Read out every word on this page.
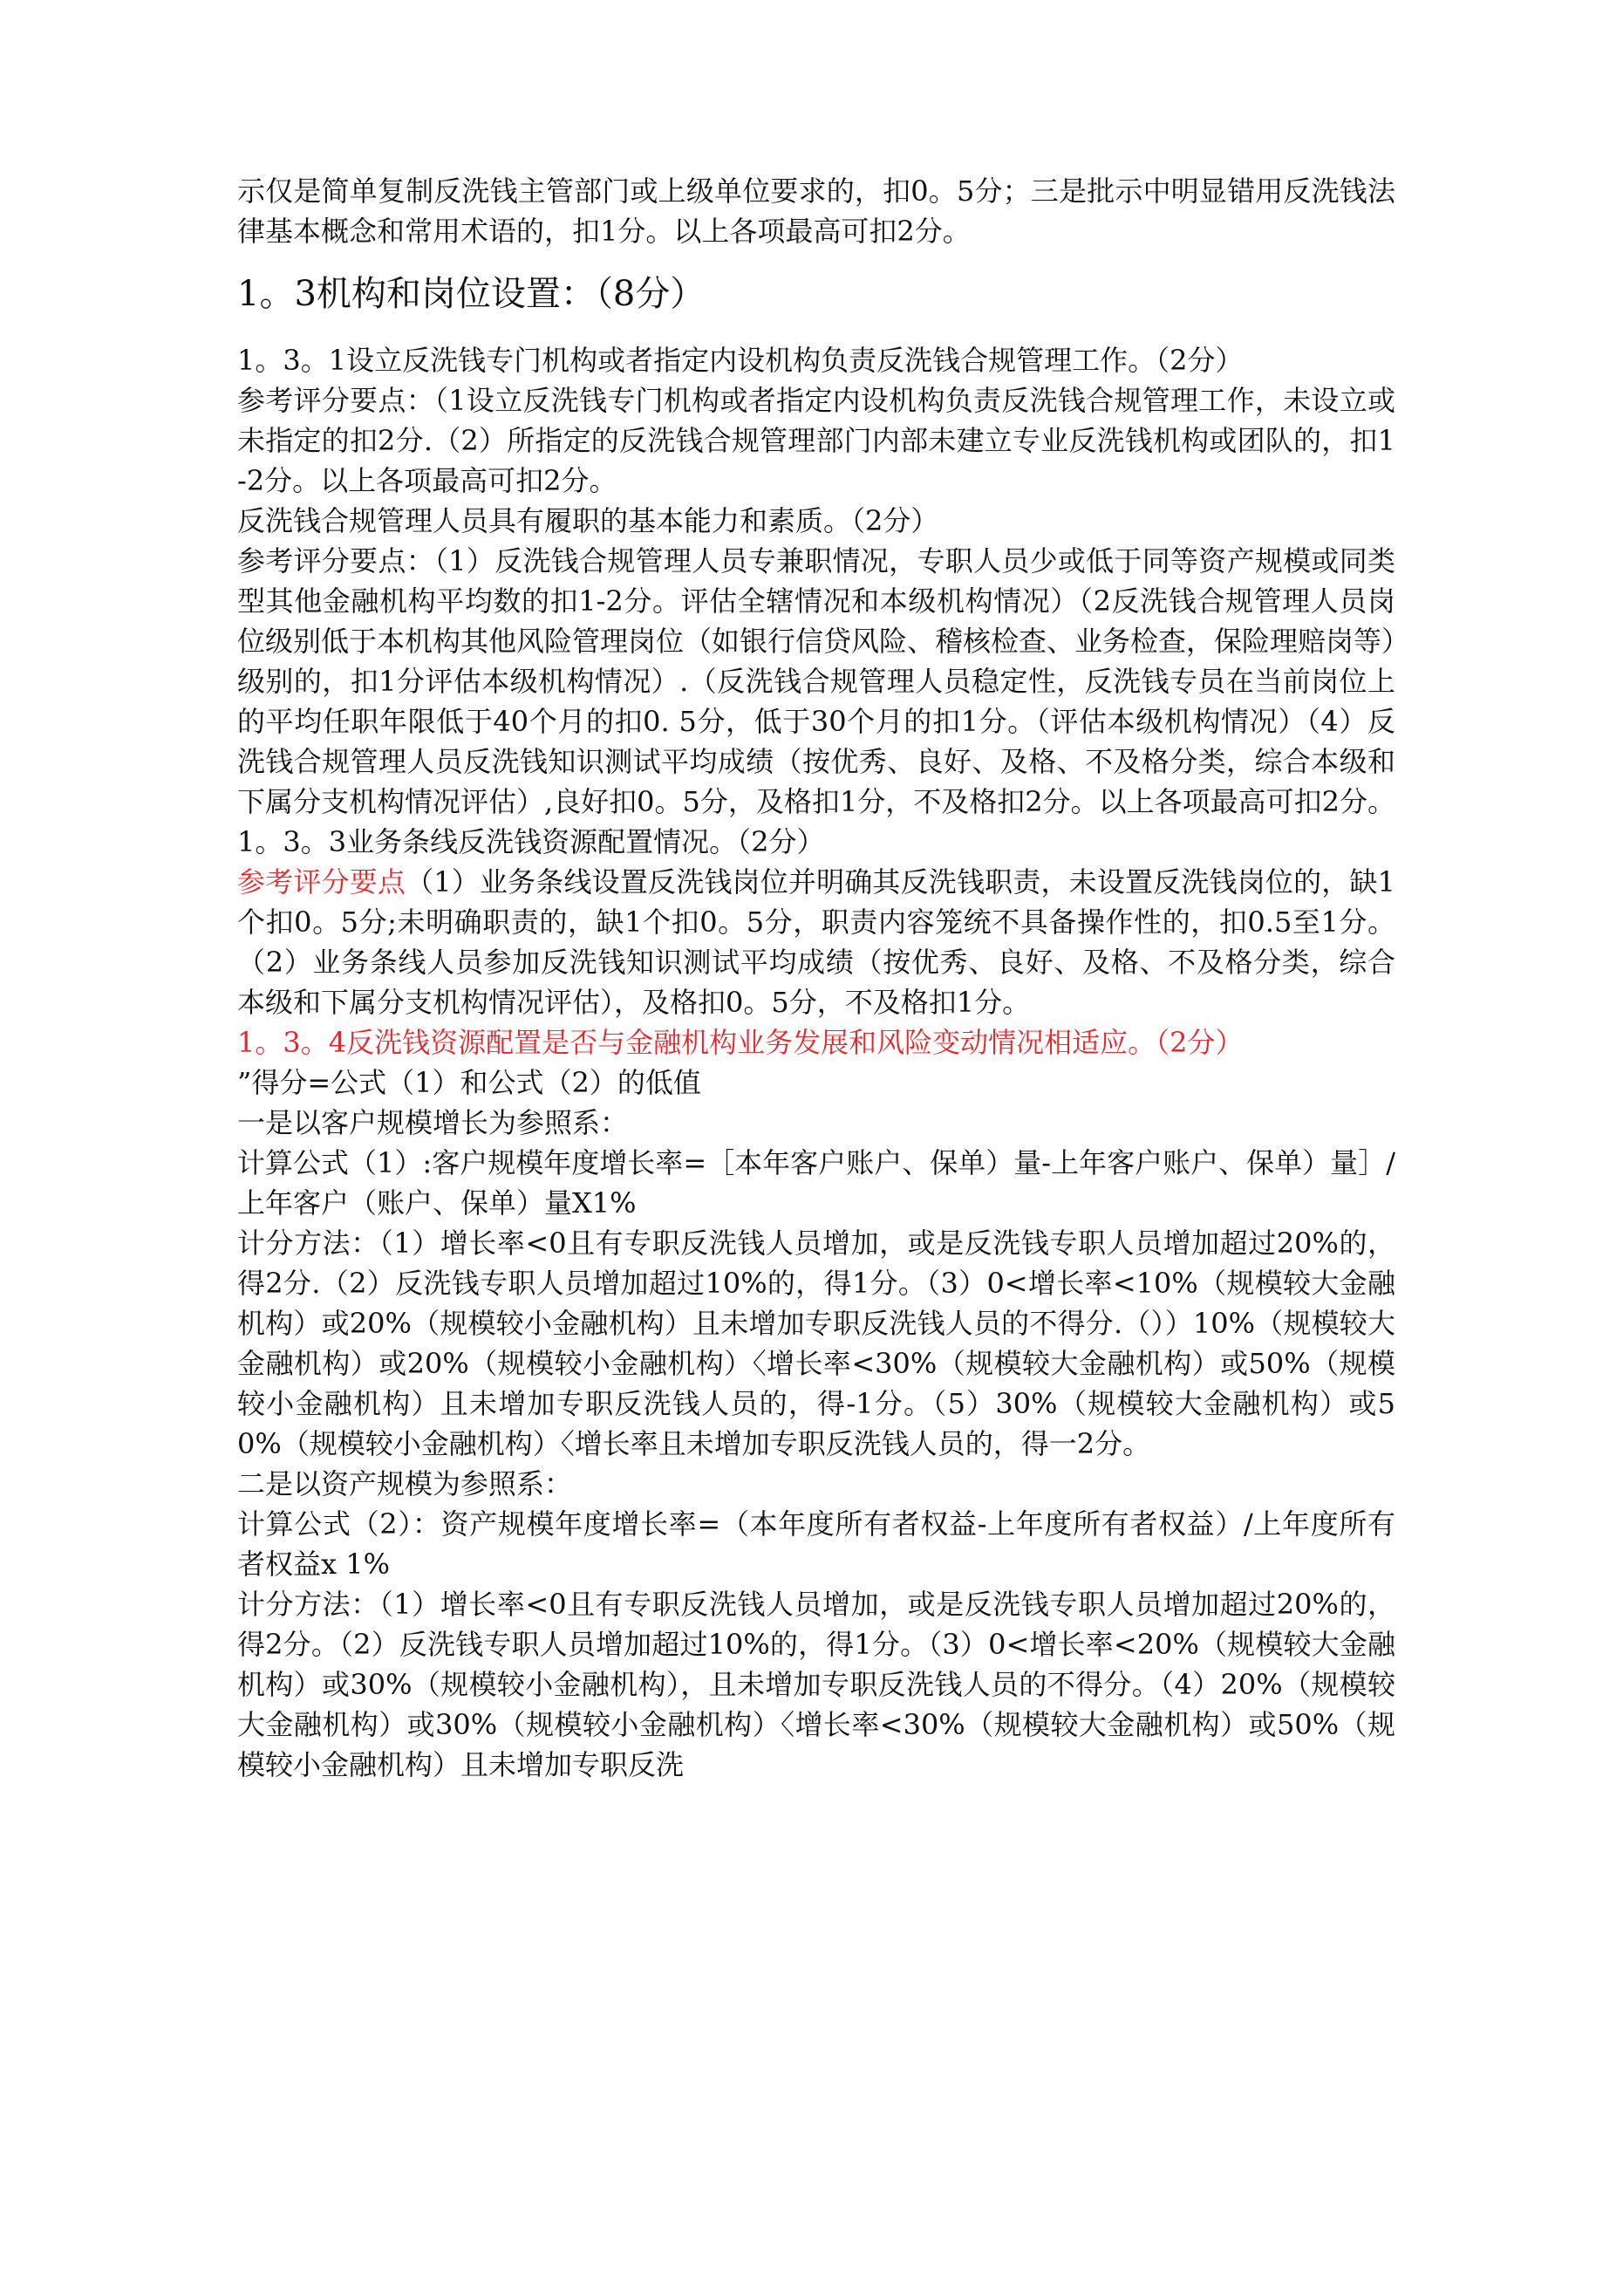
示仅是简单复制反洗钱主管部门或上级单位要求的，扣0。5分；三是批示中明显错用反洗钱法律基本概念和常用术语的，扣1分。以上各项最高可扣2分。

1。3机构和岗位设置：（8分）

1。3。1设立反洗钱专门机构或者指定内设机构负责反洗钱合规管理工作。（2分）

参考评分要点：（1设立反洗钱专门机构或者指定内设机构负责反洗钱合规管理工作，未设立或未指定的扣2分.（2）所指定的反洗钱合规管理部门内部未建立专业反洗钱机构或团队的，扣1-2分。以上各项最高可扣2分。

反洗钱合规管理人员具有履职的基本能力和素质。（2分）

参考评分要点：（1）反洗钱合规管理人员专兼职情况，专职人员少或低于同等资产规模或同类型其他金融机构平均数的扣1-2分。评估全辖情况和本级机构情况）（2反洗钱合规管理人员岗位级别低于本机构其他风险管理岗位（如银行信贷风险、稽核检查、业务检查，保险理赔岗等）级别的，扣1分评估本级机构情况）.（反洗钱合规管理人员稳定性，反洗钱专员在当前岗位上的平均任职年限低于40个月的扣0. 5分，低于30个月的扣1分。（评估本级机构情况）（4）反洗钱合规管理人员反洗钱知识测试平均成绩（按优秀、良好、及格、不及格分类，综合本级和下属分支机构情况评估）,良好扣0。5分，及格扣1分，不及格扣2分。以上各项最高可扣2分。

1。3。3业务条线反洗钱资源配置情况。（2分）

参考评分要点（1）业务条线设置反洗钱岗位并明确其反洗钱职责，未设置反洗钱岗位的，缺1个扣0。5分;未明确职责的，缺1个扣0。5分，职责内容笼统不具备操作性的，扣0.5至1分。（2）业务条线人员参加反洗钱知识测试平均成绩（按优秀、良好、及格、不及格分类，综合本级和下属分支机构情况评估），及格扣0。5分，不及格扣1分。

1。3。4反洗钱资源配置是否与金融机构业务发展和风险变动情况相适应。（2分）

”得分=公式（1）和公式（2）的低值

一是以客户规模增长为参照系：

计算公式（1）:客户规模年度增长率=［本年客户账户、保单）量-上年客户账户、保单）量］/上年客户（账户、保单）量X1%

计分方法：（1）增长率<0且有专职反洗钱人员增加，或是反洗钱专职人员增加超过20%的，得2分.（2）反洗钱专职人员增加超过10%的，得1分。（3）0<增长率<10%（规模较大金融机构）或20%（规模较小金融机构）且未增加专职反洗钱人员的不得分.（））10%（规模较大金融机构）或20%（规模较小金融机构）〈增长率<30%（规模较大金融机构）或50%（规模较小金融机构）且未增加专职反洗钱人员的，得-1分。（5）30%（规模较大金融机构）或50%（规模较小金融机构）〈增长率且未增加专职反洗钱人员的，得一2分。

二是以资产规模为参照系：

计算公式（2）：资产规模年度增长率=（本年度所有者权益-上年度所有者权益）/上年度所有者权益x 1%

计分方法：（1）增长率<0且有专职反洗钱人员增加，或是反洗钱专职人员增加超过20%的，得2分。（2）反洗钱专职人员增加超过10%的，得1分。（3）0<增长率<20%（规模较大金融机构）或30%（规模较小金融机构），且未增加专职反洗钱人员的不得分。（4）20%（规模较大金融机构）或30%（规模较小金融机构）〈增长率<30%（规模较大金融机构）或50%（规模较小金融机构）且未增加专职反洗
